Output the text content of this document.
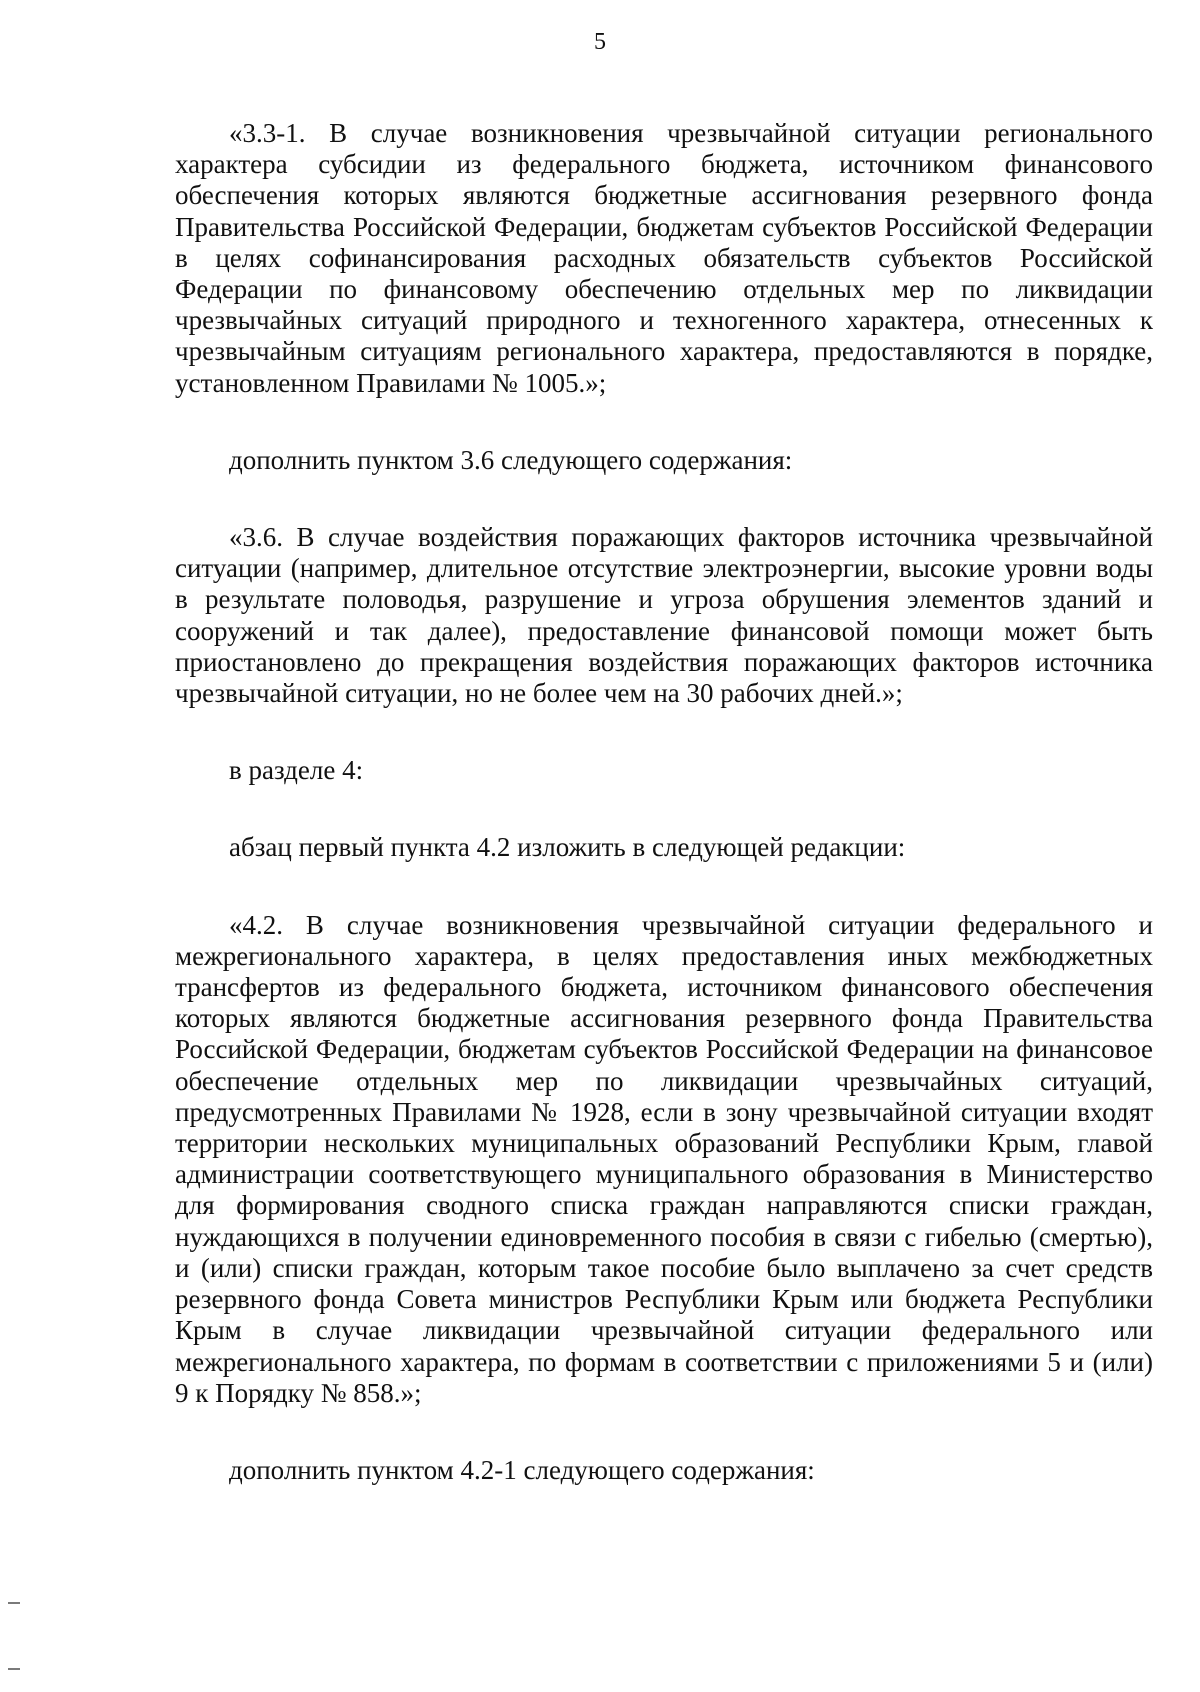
5

«3.3-1. В случае возникновения чрезвычайной ситуации регионального характера субсидии из федерального бюджета, источником финансового обеспечения которых являются бюджетные ассигнования резервного фонда Правительства Российской Федерации, бюджетам субъектов Российской Федерации в целях софинансирования расходных обязательств субъектов Российской Федерации по финансовому обеспечению отдельных мер по ликвидации чрезвычайных ситуаций природного и техногенного характера, отнесенных к чрезвычайным ситуациям регионального характера, предоставляются в порядке, установленном Правилами № 1005.»;

дополнить пунктом 3.6 следующего содержания:

«3.6. В случае воздействия поражающих факторов источника чрезвычайной ситуации (например, длительное отсутствие электроэнергии, высокие уровни воды в результате половодья, разрушение и угроза обрушения элементов зданий и сооружений и так далее), предоставление финансовой помощи может быть приостановлено до прекращения воздействия поражающих факторов источника чрезвычайной ситуации, но не более чем на 30 рабочих дней.»;

в разделе 4:

абзац первый пункта 4.2 изложить в следующей редакции:

«4.2. В случае возникновения чрезвычайной ситуации федерального и межрегионального характера, в целях предоставления иных межбюджетных трансфертов из федерального бюджета, источником финансового обеспечения которых являются бюджетные ассигнования резервного фонда Правительства Российской Федерации, бюджетам субъектов Российской Федерации на финансовое обеспечение отдельных мер по ликвидации чрезвычайных ситуаций, предусмотренных Правилами № 1928, если в зону чрезвычайной ситуации входят территории нескольких муниципальных образований Республики Крым, главой администрации соответствующего муниципального образования в Министерство для формирования сводного списка граждан направляются списки граждан, нуждающихся в получении единовременного пособия в связи с гибелью (смертью), и (или) списки граждан, которым такое пособие было выплачено за счет средств резервного фонда Совета министров Республики Крым или бюджета Республики Крым в случае ликвидации чрезвычайной ситуации федерального или межрегионального характера, по формам в соответствии с приложениями 5 и (или) 9 к Порядку № 858.»;

дополнить пунктом 4.2-1 следующего содержания:
